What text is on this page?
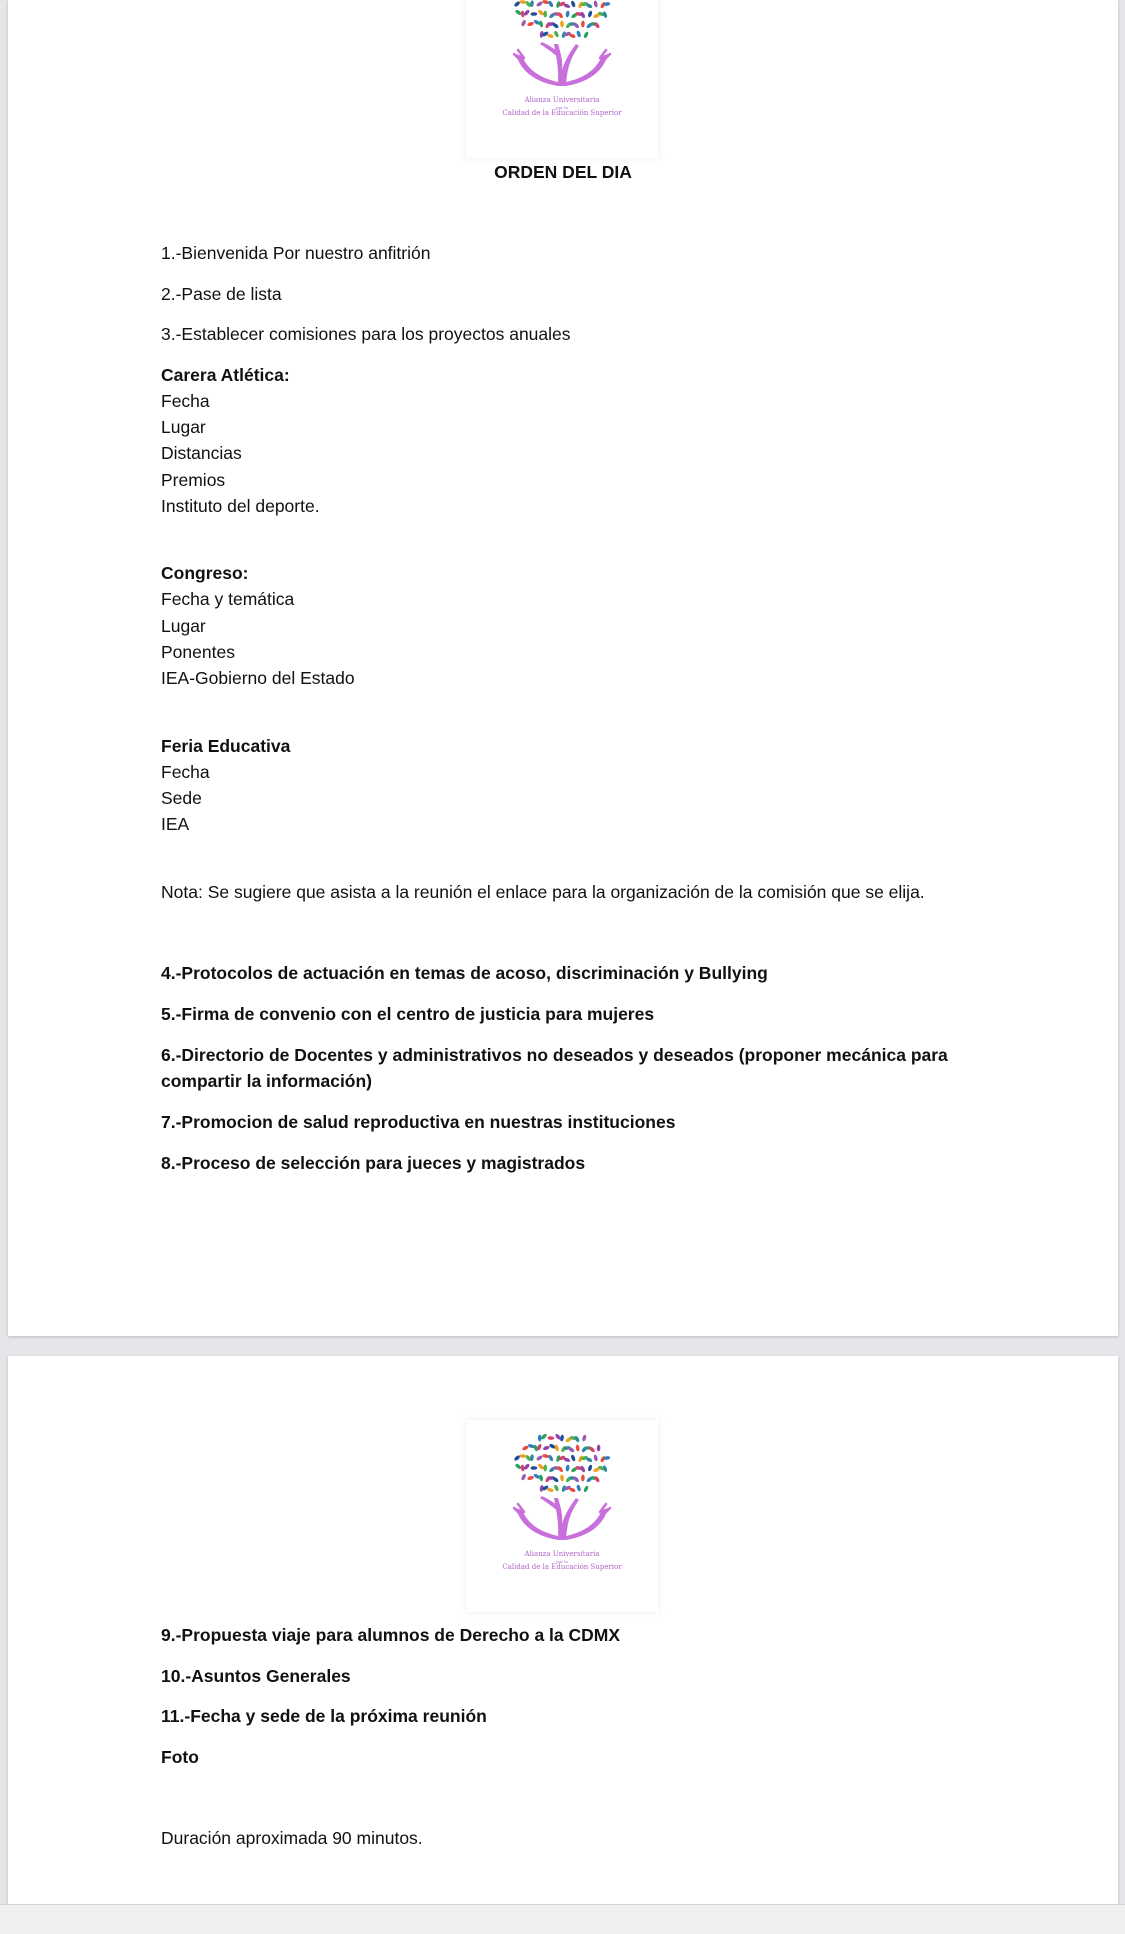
Alianza Universitaria
por la
Calidad de la Educación Superior
ORDEN DEL DIA
1.-Bienvenida Por nuestro anfitrión
2.-Pase de lista
3.-Establecer comisiones para los proyectos anuales
Carera Atlética:
Fecha
Lugar
Distancias
Premios
Instituto del deporte.
Congreso:
Fecha y temática
Lugar
Ponentes
IEA-Gobierno del Estado
Feria Educativa
Fecha
Sede
IEA
Nota: Se sugiere que asista a la reunión el enlace para la organización de la comisión que se elija.
4.-Protocolos de actuación en temas de acoso, discriminación y Bullying
5.-Firma de convenio con el centro de justicia para mujeres
6.-Directorio de Docentes y administrativos no deseados y deseados (proponer mecánica para
compartir la información)
7.-Promocion de salud reproductiva en nuestras instituciones
8.-Proceso de selección para jueces y magistrados
Alianza Universitaria
por la
Calidad de la Educación Superior
9.-Propuesta viaje para alumnos de Derecho a la CDMX
10.-Asuntos Generales
11.-Fecha y sede de la próxima reunión
Foto
Duración aproximada 90 minutos.
